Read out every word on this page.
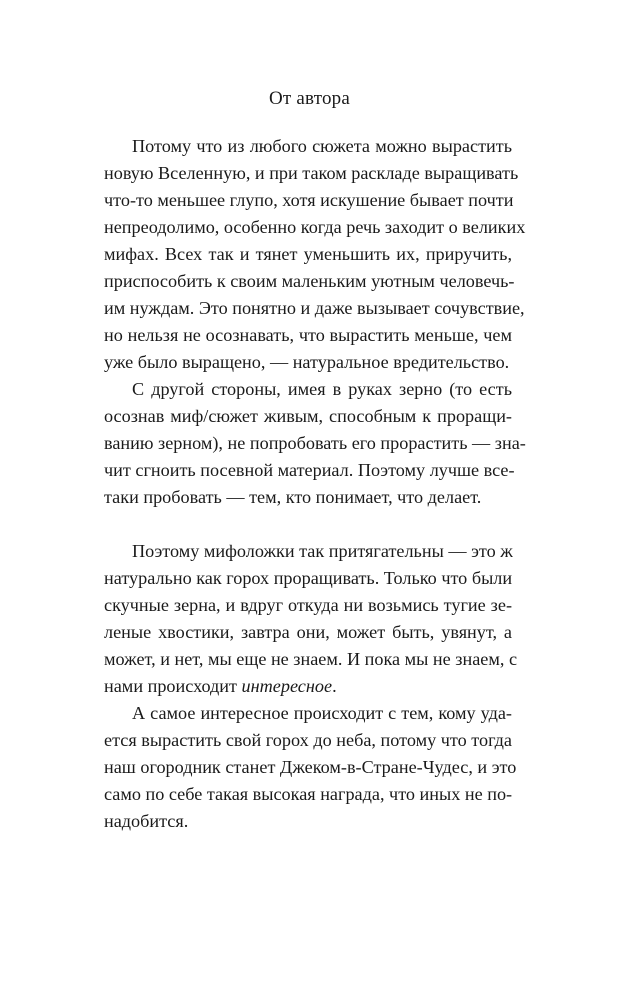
От автора
Потому что из любого сюжета можно вырастить
новую Вселенную, и при таком раскладе выращивать
что-то меньшее глупо, хотя искушение бывает почти
непреодолимо, особенно когда речь заходит о великих
мифах. Всех так и тянет уменьшить их, приручить,
приспособить к своим маленьким уютным человечь-
им нуждам. Это понятно и даже вызывает сочувствие,
но нельзя не осознавать, что вырастить меньше, чем
уже было выращено, — натуральное вредительство.
С другой стороны, имея в руках зерно (то есть
осознав миф/сюжет живым, способным к проращи-
ванию зерном), не попробовать его прорастить — зна-
чит сгноить посевной материал. Поэтому лучше все-
таки пробовать — тем, кто понимает, что делает.
Поэтому мифоложки так притягательны — это ж
натурально как горох проращивать. Только что были
скучные зерна, и вдруг откуда ни возьмись тугие зе-
леные хвостики, завтра они, может быть, увянут, а
может, и нет, мы еще не знаем. И пока мы не знаем, с
нами происходит интересное.
А самое интересное происходит с тем, кому уда-
ется вырастить свой горох до неба, потому что тогда
наш огородник станет Джеком-в-Стране-Чудес, и это
само по себе такая высокая награда, что иных не по-
надобится.
